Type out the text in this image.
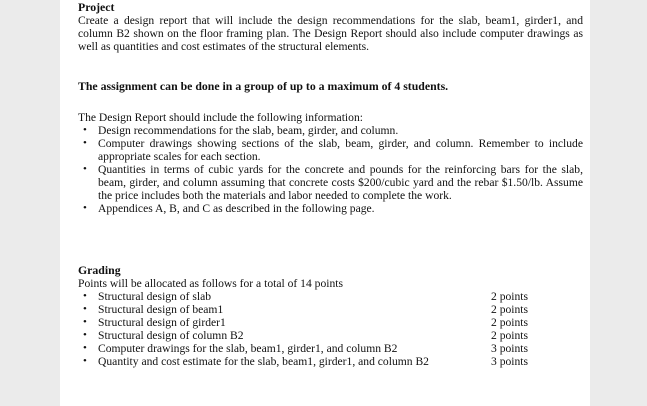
Project

Create a design report that will include the design recommendations for the slab, beam1, girder1, and column B2 shown on the floor framing plan. The Design Report should also include computer drawings as well as quantities and cost estimates of the structural elements.

The assignment can be done in a group of up to a maximum of 4 students.

The Design Report should include the following information:

• Design recommendations for the slab, beam, girder, and column.
• Computer drawings showing sections of the slab, beam, girder, and column. Remember to include appropriate scales for each section.
• Quantities in terms of cubic yards for the concrete and pounds for the reinforcing bars for the slab, beam, girder, and column assuming that concrete costs $200/cubic yard and the rebar $1.50/lb. Assume the price includes both the materials and labor needed to complete the work.
• Appendices A, B, and C as described in the following page.
Grading

Points will be allocated as follows for a total of 14 points

• Structural design of slab	2 points
• Structural design of beam1	2 points
• Structural design of girder1	2 points
• Structural design of column B2	2 points
• Computer drawings for the slab, beam1, girder1, and column B2	3 points
• Quantity and cost estimate for the slab, beam1, girder1, and column B2	3 points
